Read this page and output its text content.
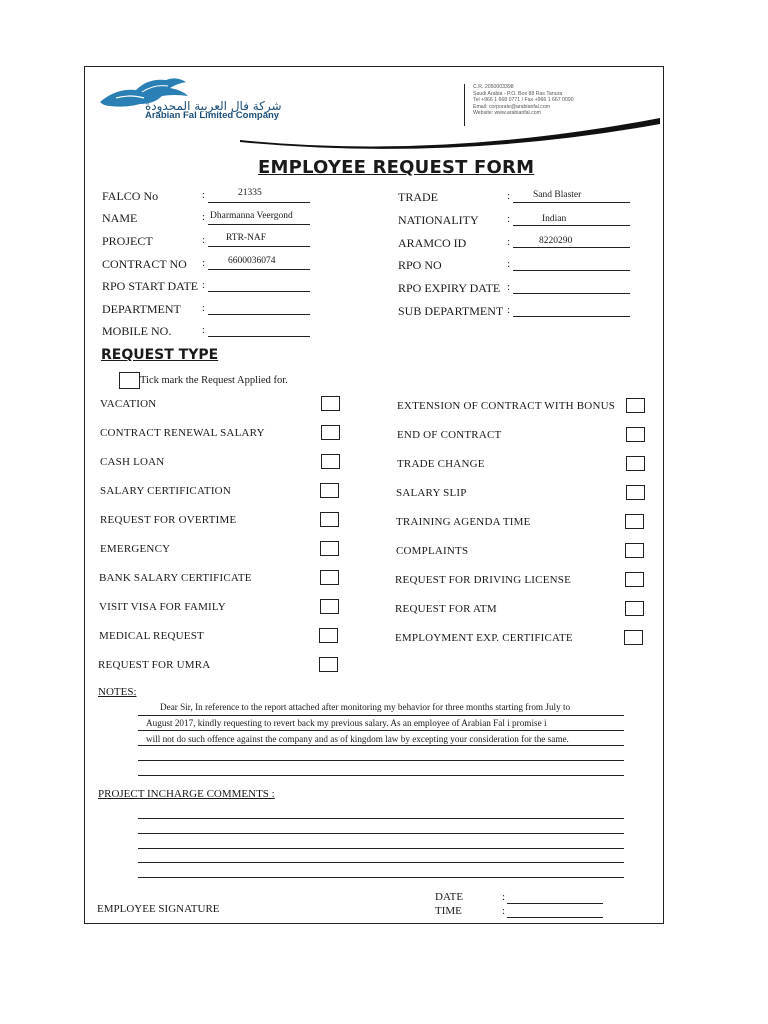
شركة فال العربية المحدودة
Arabian Fal Limited Company
C.R. 2050003398
Saudi Arabia - P.O. Box 88 Ras Tanura
Tel +966 1 668 0771 / Fax +966 1 667 0090
Email: corporate@arabianfal.com
Website: www.arabianfal.com
EMPLOYEE REQUEST FORM
FALCO No	:	21335
NAME	: Dharmanna Veergond
PROJECT	: RTR-NAF
CONTRACT NO : 6600036074
RPO START DATE :
DEPARTMENT :
MOBILE NO.	:
TRADE	: Sand Blaster
NATIONALITY	:	Indian
ARAMCO ID	:	8220290
RPO NO	:
RPO EXPIRY DATE :
SUB DEPARTMENT :
REQUEST TYPE
Tick mark the Request Applied for.
VACATION
CONTRACT RENEWAL SALARY
CASH LOAN
SALARY CERTIFICATION
REQUEST FOR OVERTIME
EMERGENCY
BANK SALARY CERTIFICATE
VISIT VISA FOR FAMILY
MEDICAL REQUEST
REQUEST FOR UMRA
EXTENSION OF CONTRACT WITH BONUS
END OF CONTRACT
TRADE CHANGE
SALARY SLIP
TRAINING AGENDA TIME
COMPLAINTS
REQUEST FOR DRIVING LICENSE
REQUEST FOR ATM
EMPLOYMENT EXP. CERTIFICATE
NOTES:
Dear Sir, In reference to the report attached after monitoring my behavior for three months starting from July to
August 2017, kindly requesting to revert back my previous salary. As an employee of Arabian Fal i promise i
will not do such offence against the company and as of kingdom law by excepting your consideration for the same.
PROJECT INCHARGE COMMENTS :
EMPLOYEE SIGNATURE
DATE	:
TIME	:
